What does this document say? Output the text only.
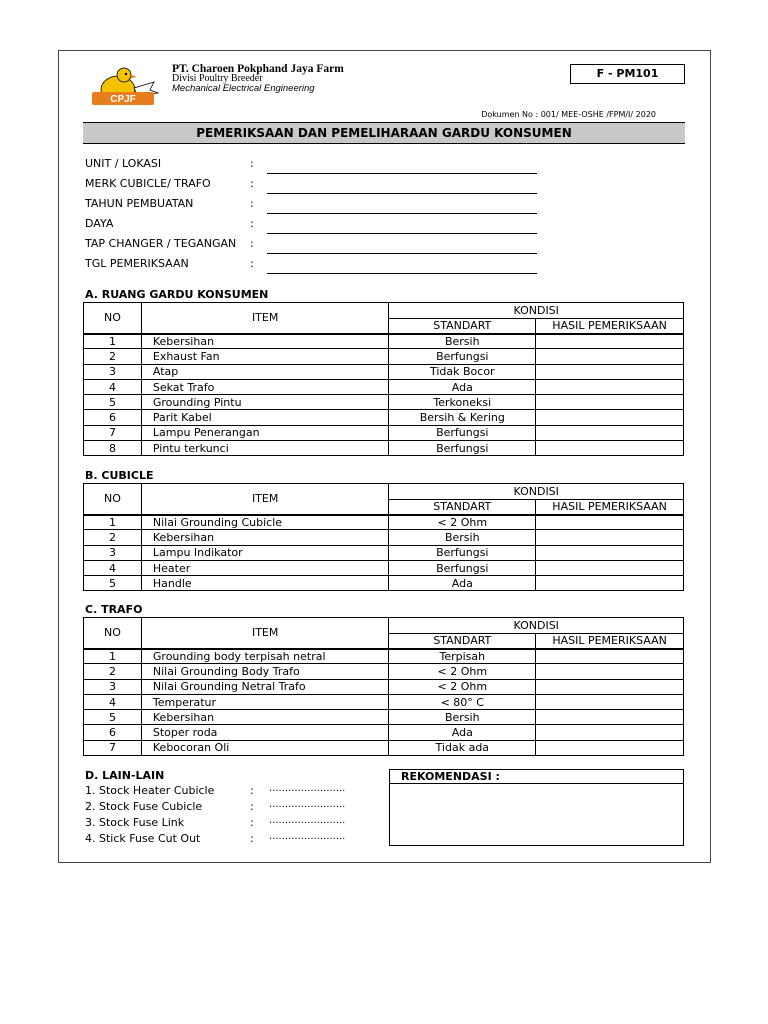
CPJF
PT. Charoen Pokphand Jaya Farm
Divisi Poultry Breeder
Mechanical Electrical Engineering
F - PM101
Dokumen No : 001/ MEE-OSHE /FPM/I/ 2020
PEMERIKSAAN DAN PEMELIHARAAN GARDU KONSUMEN
UNIT / LOKASI	:
MERK CUBICLE/ TRAFO	:
TAHUN PEMBUATAN	:
DAYA	:
TAP CHANGER / TEGANGAN :
TGL PEMERIKSAAN	:
A. RUANG GARDU KONSUMEN
NO	ITEM	KONDISI	
		STANDART	HASIL PEMERIKSAAN
1	Kebersihan	Bersih	
2	Exhaust Fan	Berfungsi	
3	Atap	Tidak Bocor	
4	Sekat Trafo	Ada	
5	Grounding Pintu	Terkoneksi	
6	Parit Kabel	Bersih & Kering	
7	Lampu Penerangan	Berfungsi	
8	Pintu terkunci	Berfungsi	
B. CUBICLE
NO	ITEM	KONDISI	
		STANDART	HASIL PEMERIKSAAN
1	Nilai Grounding Cubicle	< 2 Ohm	
2	Kebersihan	Bersih	
3	Lampu Indikator	Berfungsi	
4	Heater	Berfungsi	
5	Handle	Ada	
C. TRAFO
NO	ITEM	KONDISI	
		STANDART	HASIL PEMERIKSAAN
1	Grounding body terpisah netral	Terpisah	
2	Nilai Grounding Body Trafo	< 2 Ohm	
3	Nilai Grounding Netral Trafo	< 2 Ohm	
4	Temperatur	< 80° C	
5	Kebersihan	Bersih	
6	Stoper roda	Ada	
7	Kebocoran Oli	Tidak ada	
D. LAIN-LAIN
1. Stock Heater Cubicle	: ........................
2. Stock Fuse Cubicle	: ........................
3. Stock Fuse Link	: ........................
4. Stick Fuse Cut Out	: ........................
REKOMENDASI :
